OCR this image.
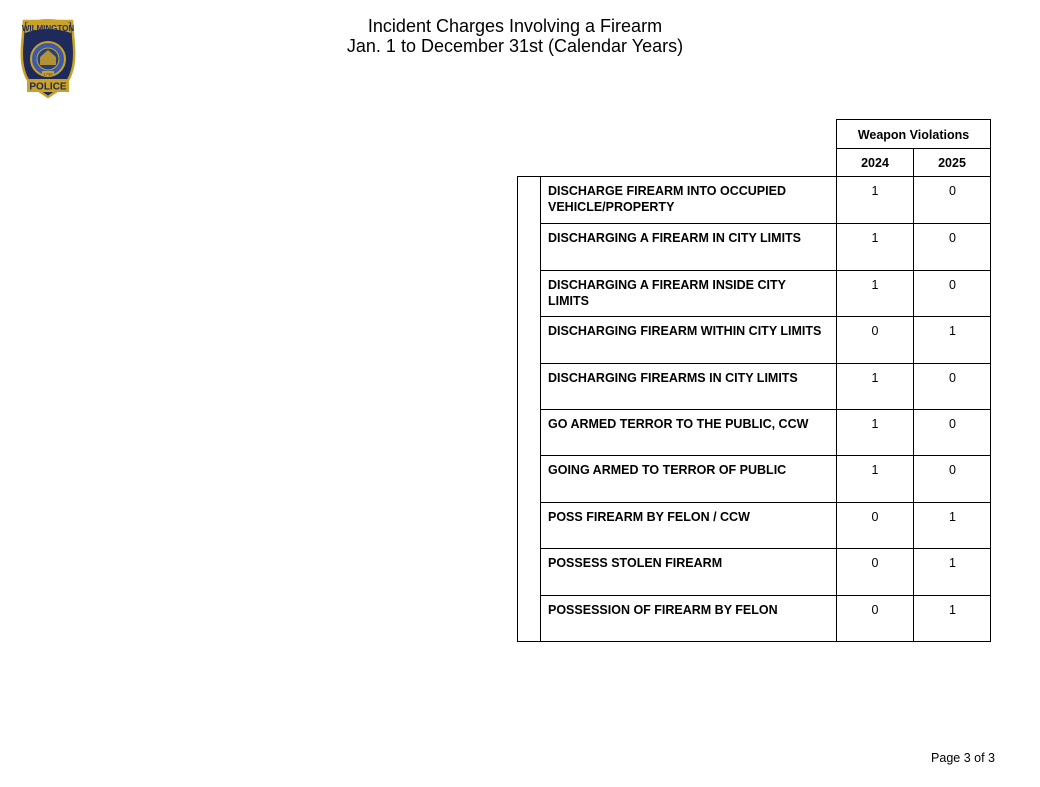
WILMINGTON
1739
POLICE
Incident Charges Involving a Firearm
Jan. 1 to December 31st (Calendar Years)
Weapon Violations
2024	2025
DISCHARGE FIREARM INTO OCCUPIED VEHICLE/PROPERTY
1	0
DISCHARGING A FIREARM IN CITY LIMITS	1	0
DISCHARGING A FIREARM INSIDE CITY LIMITS
1	0
DISCHARGING FIREARM WITHIN CITY LIMITS	0	1
DISCHARGING FIREARMS IN CITY LIMITS	1	0
GO ARMED TERROR TO THE PUBLIC, CCW	1	0
GOING ARMED TO TERROR OF PUBLIC	1	0
POSS FIREARM BY FELON / CCW	0	1
POSSESS STOLEN FIREARM	0	1
POSSESSION OF FIREARM BY FELON	0	1
Page 3 of 3
